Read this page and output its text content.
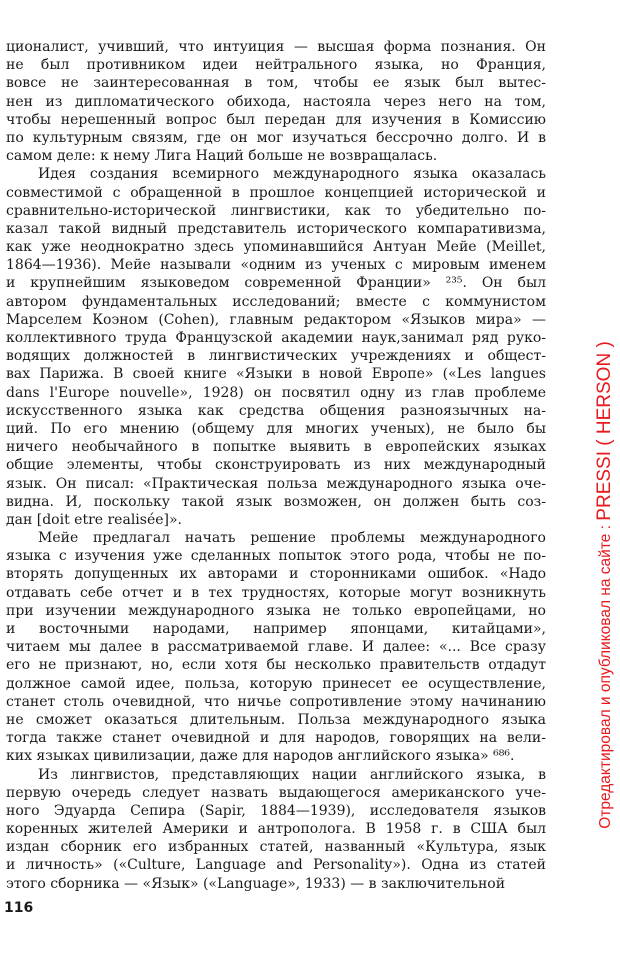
ционалист, учивший, что интуиция — высшая форма познания. Он
не был противником идеи нейтрального языка, но Франция,
вовсе не заинтересованная в том, чтобы ее язык был вытес-
нен из дипломатического обихода, настояла через него на том,
чтобы нерешенный вопрос был передан для изучения в Комиссию
по культурным связям, где он мог изучаться бессрочно долго. И в
самом деле: к нему Лига Наций больше не возвращалась.
Идея создания всемирного международного языка оказалась
совместимой с обращенной в прошлое концепцией исторической и
сравнительно-исторической лингвистики, как то убедительно по-
казал такой видный представитель исторического компаративизма,
как уже неоднократно здесь упоминавшийся Антуан Мейе (Meillet,
1864—1936). Мейе называли «одним из ученых с мировым именем
и крупнейшим языковедом современной Франции» ²³⁵. Он был
автором фундаментальных исследований; вместе с коммунистом
Марселем Коэном (Cohen), главным редактором «Языков мира» —
коллективного труда Французской академии наук,занимал ряд руко-
водящих должностей в лингвистических учреждениях и общест-
вах Парижа. В своей книге «Языки в новой Европе» («Les langues
dans l'Europe nouvelle», 1928) он посвятил одну из глав проблеме
искусственного языка как средства общения разноязычных на-
ций. По его мнению (общему для многих ученых), не было бы
ничего необычайного в попытке выявить в европейских языках
общие элементы, чтобы сконструировать из них международный
язык. Он писал: «Практическая польза международного языка оче-
видна. И, поскольку такой язык возможен, он должен быть соз-
дан [doit etre realisée]».
Мейе предлагал начать решение проблемы международного
языка с изучения уже сделанных попыток этого рода, чтобы не по-
вторять допущенных их авторами и сторонниками ошибок. «Надо
отдавать себе отчет и в тех трудностях, которые могут возникнуть
при изучении международного языка не только европейцами, но
и восточными народами, например японцами, китайцами»,
читаем мы далее в рассматриваемой главе. И далее: «... Все сразу
его не признают, но, если хотя бы несколько правительств отдадут
должное самой идее, польза, которую принесет ее осуществление,
станет столь очевидной, что ничье сопротивление этому начинанию
не сможет оказаться длительным. Польза международного языка
тогда также станет очевидной и для народов, говорящих на вели-
ких языках цивилизации, даже для народов английского языка» ⁶⁸⁶.
Из лингвистов, представляющих нации английского языка, в
первую очередь следует назвать выдающегося американского уче-
ного Эдуарда Сепира (Sapir, 1884—1939), исследователя языков
коренных жителей Америки и антрополога. В 1958 г. в США был
издан сборник его избранных статей, названный «Культура, язык
и личность» («Culture, Language and Personality»). Одна из статей
этого сборника — «Язык» («Language», 1933) — в заключительной
116
Отредактировал и опубликовал на сайте : PRESSI ( HERSON )
